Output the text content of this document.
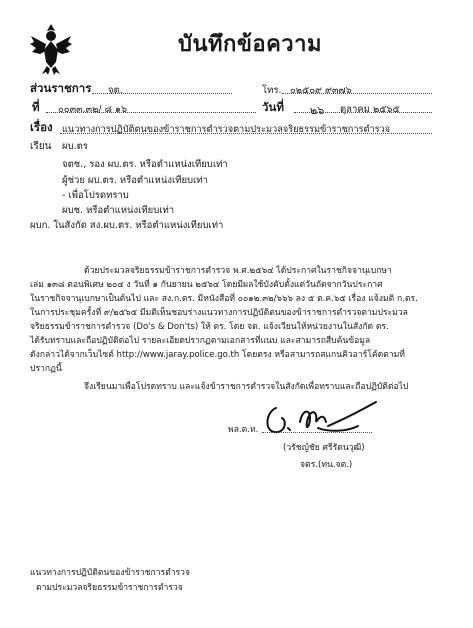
บันทึกข้อความ
ส่วนราชการ จต.	โทร. ๐๒๕๐๙ ๙๓๗๖
ที่ ๐๐๓๓.๓๒/ ๘ ๑๖	วันที่ ๒๖ ตุลาคม ๒๕๖๕
เรื่อง แนวทางการปฏิบัติตนของข้าราชการตำรวจตามประมวลจริยธรรมข้าราชการตำรวจ
เรียน ผบ.ตร
จตช., รอง ผบ.ตร. หรือตำแหน่งเทียบเท่า
ผู้ช่วย ผบ.ตร. หรือตำแหน่งเทียบเท่า
- เพื่อโปรดทราบ
ผบช. หรือตำแหน่งเทียบเท่า
ผบก. ในสังกัด สง.ผบ.ตร. หรือตำแหน่งเทียบเท่า
ด้วยประมวลจริยธรรมข้าราชการตำรวจ พ.ศ.๒๕๖๔ ได้ประกาศในราชกิจจานุเบกษา
เล่ม ๑๓๘ ตอนพิเศษ ๒๐๔ ง วันที่ ๑ กันยายน ๒๕๖๔ โดยมีผลใช้บังคับตั้งแต่วันถัดจากวันประกาศ
ในราชกิจจานุเบกษาเป็นต้นไป และ สง.ก.ตร. มีหนังสือที่ ๐๐๑๒.๓๒/๖๖๖ ลง ๕ ต.ค.๖๕ เรื่อง แจ้งมติ ก.ตร.
ในการประชุมครั้งที่ ๙/๒๕๖๕ มีมติเห็นชอบร่างแนวทางการปฏิบัติตนของข้าราชการตำรวจตามประมวล
จริยธรรมข้าราชการตำรวจ (Do's & Don'ts) ให้ ตร. โดย จต. แจ้งเวียนให้หน่วยงานในสังกัด ตร.
ได้รับทราบและถือปฏิบัติต่อไป รายละเอียดปรากฏตามเอกสารที่แนบ และสามารถสืบค้นข้อมูล
ดังกล่าวได้จากเว็บไซต์ http://www.jaray.police.go.th โดยตรง หรือสามารถสแกนคิวอาร์โค้ดตามที่
ปรากฏนี้
จึงเรียนมาเพื่อโปรดทราบ และแจ้งข้าราชการตำรวจในสังกัดเพื่อทราบและถือปฏิบัติต่อไป
พล.ต.ท.
(วรัชญ์ชัย ศรีรัตนวุฒิ)
จตร.(ทน.จต.)
แนวทางการปฏิบัติตนของข้าราชการตำรวจ
ตามประมวลจริยธรรมข้าราชการตำรวจ
